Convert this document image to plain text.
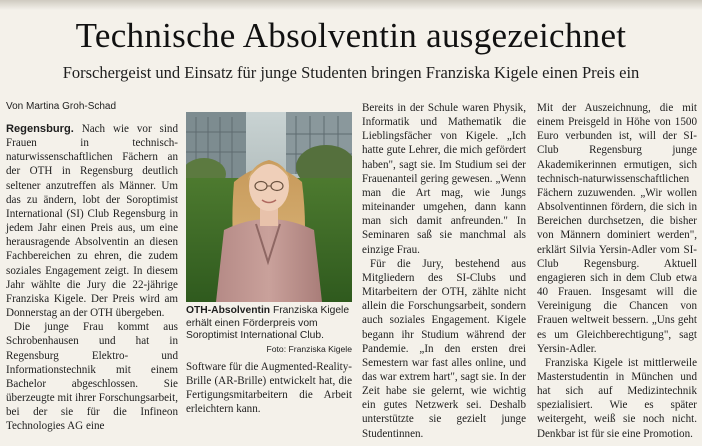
Technische Absolventin ausgezeichnet
Forschergeist und Einsatz für junge Studenten bringen Franziska Kigele einen Preis ein
Von Martina Groh-Schad

Regensburg. Nach wie vor sind Frauen in technisch-naturwissenschaftlichen Fächern an der OTH in Regensburg deutlich seltener anzutreffen als Männer. Um das zu ändern, lobt der Soroptimist International (SI) Club Regensburg in jedem Jahr einen Preis aus, um eine herausragende Absolventin an diesen Fachbereichen zu ehren, die zudem soziales Engagement zeigt. In diesem Jahr wählte die Jury die 22-jährige Franziska Kigele. Der Preis wird am Donnerstag an der OTH übergeben.

Die junge Frau kommt aus Schrobenhausen und hat in Regensburg Elektro- und Informationstechnik mit einem Bachelor abgeschlossen. Sie überzeugte mit ihrer Forschungsarbeit, bei der sie für die Infineon Technologies AG eine

OTH-Absolventin Franziska Kigele erhält einen Förderpreis vom Soroptimist International Club.
Foto: Franziska Kigele

Software für die Augmented-Reality-Brille (AR-Brille) entwickelt hat, die Fertigungsmitarbeitern die Arbeit erleichtern kann.

Bereits in der Schule waren Physik, Informatik und Mathematik die Lieblingsfächer von Kigele. „Ich hatte gute Lehrer, die mich gefördert haben", sagt sie. Im Studium sei der Frauenanteil gering gewesen. „Wenn man die Art mag, wie Jungs miteinander umgehen, dann kann man sich damit anfreunden." In Seminaren saß sie manchmal als einzige Frau.

Für die Jury, bestehend aus Mitgliedern des SI-Clubs und Mitarbeitern der OTH, zählte nicht allein die Forschungsarbeit, sondern auch soziales Engagement. Kigele begann ihr Studium während der Pandemie. „In den ersten drei Semestern war fast alles online, und das war extrem hart", sagt sie. In der Zeit habe sie gelernt, wie wichtig ein gutes Netzwerk sei. Deshalb unterstützte sie gezielt junge Studentinnen.

Mit der Auszeichnung, die mit einem Preisgeld in Höhe von 1500 Euro verbunden ist, will der SI-Club Regensburg junge Akademikerinnen ermutigen, sich technisch-naturwissenschaftlichen Fächern zuzuwenden. „Wir wollen Absolventinnen fördern, die sich in Bereichen durchsetzen, die bisher von Männern dominiert werden", erklärt Silvia Yersin-Adler vom SI-Club Regensburg. Aktuell engagieren sich in dem Club etwa 40 Frauen. Insgesamt will die Vereinigung die Chancen von Frauen weltweit bessern. „Uns geht es um Gleichberechtigung", sagt Yersin-Adler.

Franziska Kigele ist mittlerweile Masterstudentin in München und hat sich auf Medizintechnik spezialisiert. Wie es später weitergeht, weiß sie noch nicht. Denkbar ist für sie eine Promotion.
